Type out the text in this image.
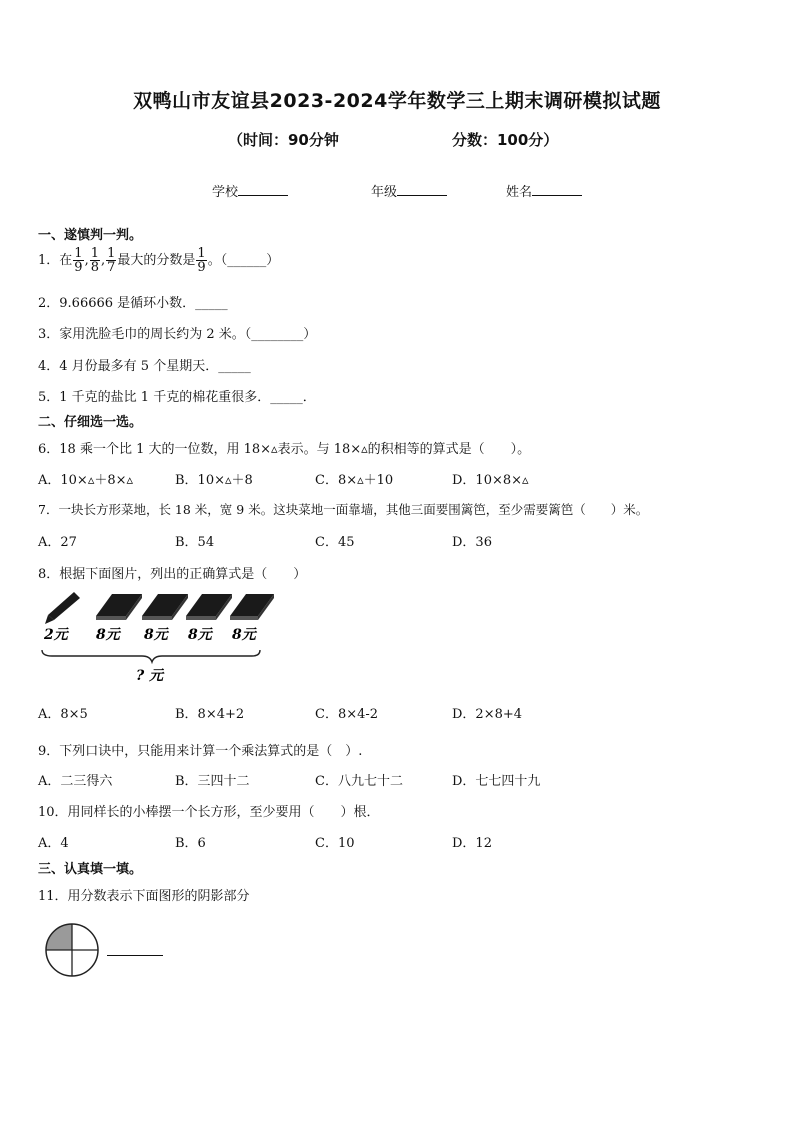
双鸭山市友谊县2023-2024学年数学三上期末调研模拟试题
（时间：90分钟	分数：100分）
学校	年级	姓名
一、遂慎判一判。
1．在 $\frac{1}{9}$ , $\frac{1}{8}$ , $\frac{1}{7}$ 最大的分数是 $\frac{1}{9}$ 。（______）
2．9.66666 是循环小数．_____
3．家用洗脸毛巾的周长约为 2 米。（________）
4．4 月份最多有 5 个星期天．_____
5．1 千克的盐比 1 千克的棉花重很多．_____．
二、仔细选一选。
6．18 乘一个比 1 大的一位数，用 18×▵表示。与 18×▵的积相等的算式是（　　）。
A．10×▵＋8×▵	B．10×▵＋8	C．8×▵＋10	D．10×8×▵
7．一块长方形菜地，长 18 米，宽 9 米。这块菜地一面靠墙，其他三面要围篱笆，至少需要篱笆（　　）米。
A．27	B．54	C．45	D．36
8．根据下面图片，列出的正确算式是（　　）
2元 8元 8元 8元 8元
? 元
A．8×5	B．8×4+2	C．8×4-2	D．2×8+4
9．下列口诀中，只能用来计算一个乘法算式的是（　）.
A．二三得六	B．三四十二	C．八九七十二	D．七七四十九
10．用同样长的小棒摆一个长方形，至少要用（　　）根．
A．4	B．6	C．10	D．12
三、认真填一填。
11．用分数表示下面图形的阴影部分
